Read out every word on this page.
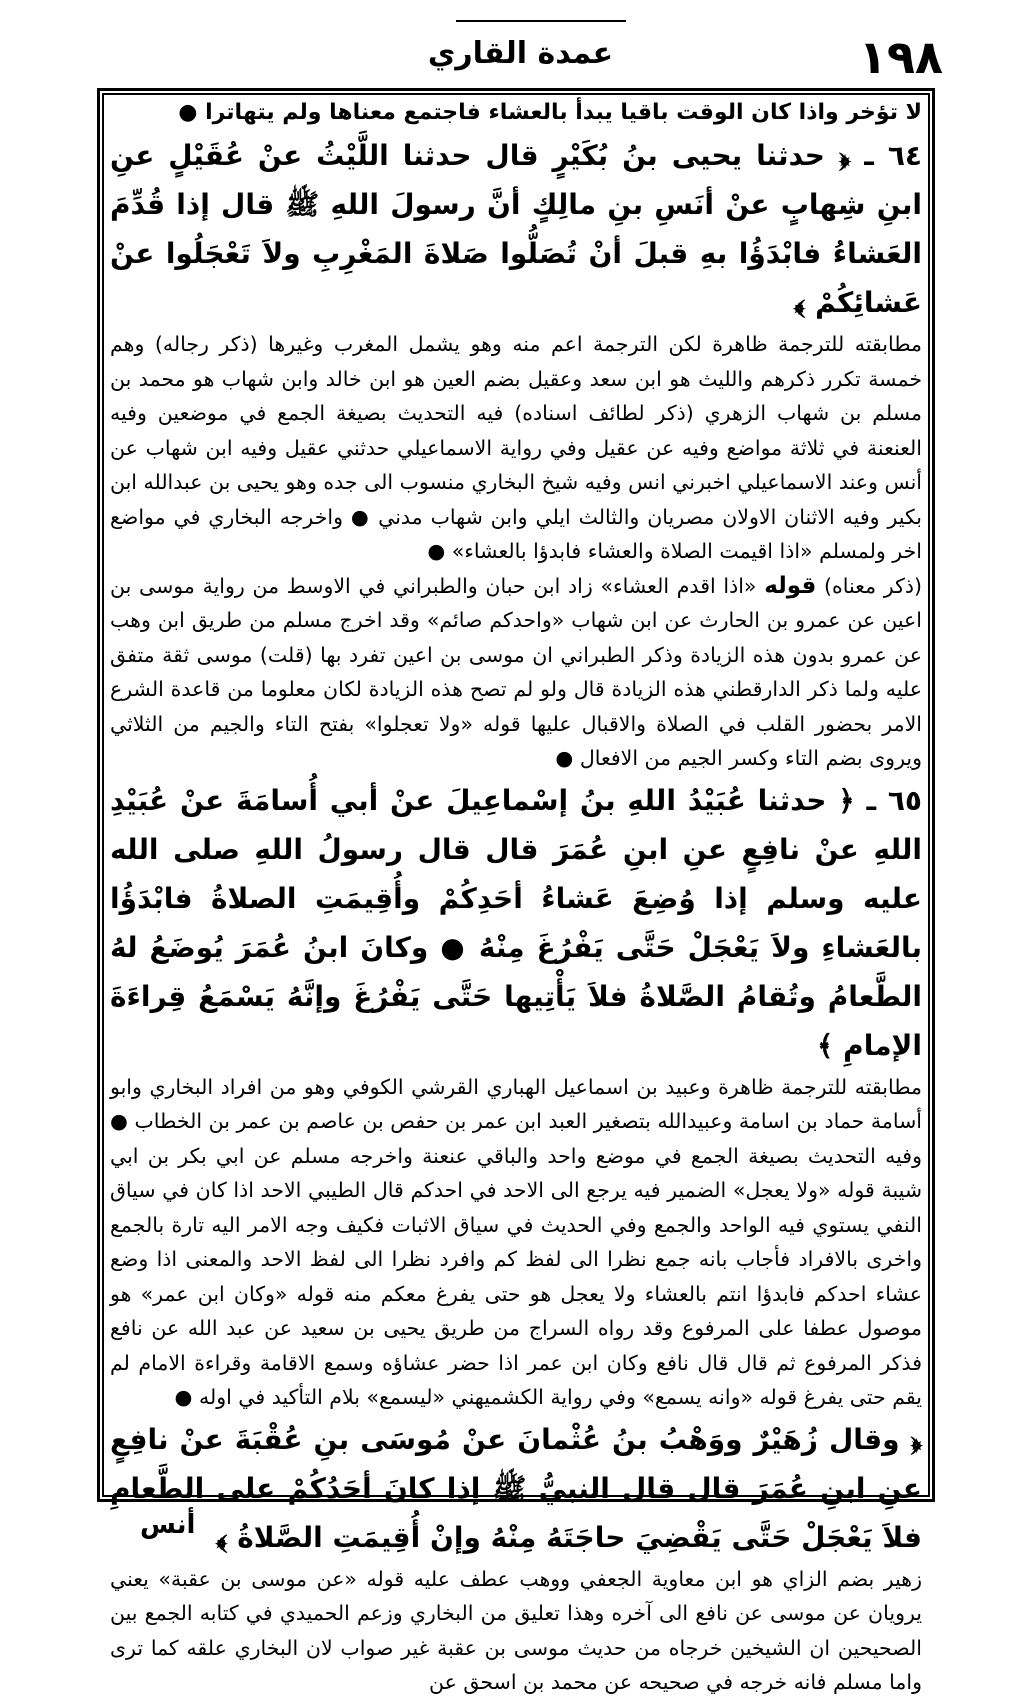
عمدة القاري	١٩٨

لا تؤخر واذا كان الوقت باقيا يبدأ بالعشاء فاجتمع معناها ولم يتهاترا ●

٦٤ ـ ﴿ حدثنا يحيى بنُ بُكَيْرٍ قال حدثنا اللَّيْثُ عنْ عُقَيْلٍ عنِ ابنِ شِهابٍ عنْ أنَسِ بنِ مالِكٍ أنَّ رسولَ اللهِ ﷺ قال إذا قُدِّمَ العَشاءُ فابْدَؤُا بهِ قبلَ أنْ تُصَلُّوا صَلاةَ المَغْرِبِ ولاَ تَعْجَلُوا عنْ عَشائِكُمْ ﴾

مطابقته للترجمة ظاهرة لكن الترجمة اعم منه وهو يشمل المغرب وغيرها (ذكر رجاله) وهم خمسة تكرر ذكرهم والليث هو ابن سعد وعقيل بضم العين هو ابن خالد وابن شهاب هو محمد بن مسلم بن شهاب الزهري (ذكر لطائف اسناده) فيه التحديث بصيغة الجمع في موضعين وفيه العنعنة في ثلاثة مواضع وفيه عن عقيل وفي رواية الاسماعيلي حدثني عقيل وفيه ابن شهاب عن أنس وعند الاسماعيلي اخبرني انس وفيه شيخ البخاري منسوب الى جده وهو يحيى بن عبدالله ابن بكير وفيه الاثنان الاولان مصريان والثالث ايلي وابن شهاب مدني ● واخرجه البخاري في مواضع اخر ولمسلم «اذا اقيمت الصلاة والعشاء فابدؤا بالعشاء» ●

(ذكر معناه) قوله «اذا اقدم العشاء» زاد ابن حبان والطبراني في الاوسط من رواية موسى بن اعين عن عمرو بن الحارث عن ابن شهاب «واحدكم صائم» وقد اخرج مسلم من طريق ابن وهب عن عمرو بدون هذه الزيادة وذكر الطبراني ان موسى بن اعين تفرد بها (قلت) موسى ثقة متفق عليه ولما ذكر الدارقطني هذه الزيادة قال ولو لم تصح هذه الزيادة لكان معلوما من قاعدة الشرع الامر بحضور القلب في الصلاة والاقبال عليها قوله «ولا تعجلوا» بفتح التاء والجيم من الثلاثي ويروى بضم التاء وكسر الجيم من الافعال ●

٦٥ ـ ﴿ حدثنا عُبَيْدُ اللهِ بنُ إسْماعِيلَ عنْ أبي أُسامَةَ عنْ عُبَيْدِ اللهِ عنْ نافِعٍ عنِ ابنِ عُمَرَ قال قال رسولُ اللهِ صلى الله عليه وسلم إذا وُضِعَ عَشاءُ أحَدِكُمْ وأُقِيمَتِ الصلاةُ فابْدَؤُا بالعَشاءِ ولاَ يَعْجَلْ حَتَّى يَفْرُغَ مِنْهُ ● وكانَ ابنُ عُمَرَ يُوضَعُ لهُ الطَّعامُ وتُقامُ الصَّلاةُ فلاَ يَأْتِيها حَتَّى يَفْرُغَ وإنَّهُ يَسْمَعُ قِراءَةَ الإمامِ ﴾

مطابقته للترجمة ظاهرة وعبيد بن اسماعيل الهباري القرشي الكوفي وهو من افراد البخاري وابو أسامة حماد بن اسامة وعبيدالله بتصغير العبد ابن عمر بن حفص بن عاصم بن عمر بن الخطاب ● وفيه التحديث بصيغة الجمع في موضع واحد والباقي عنعنة واخرجه مسلم عن ابي بكر بن ابي شيبة قوله «ولا يعجل» الضمير فيه يرجع الى الاحد في احدكم قال الطيبي الاحد اذا كان في سياق النفي يستوي فيه الواحد والجمع وفي الحديث في سياق الاثبات فكيف وجه الامر اليه تارة بالجمع واخرى بالافراد فأجاب بانه جمع نظرا الى لفظ كم وافرد نظرا الى لفظ الاحد والمعنى اذا وضع عشاء احدكم فابدؤا انتم بالعشاء ولا يعجل هو حتى يفرغ معكم منه قوله «وكان ابن عمر» هو موصول عطفا على المرفوع وقد رواه السراج من طريق يحيى بن سعيد عن عبد الله عن نافع فذكر المرفوع ثم قال قال نافع وكان ابن عمر اذا حضر عشاؤه وسمع الاقامة وقراءة الامام لم يقم حتى يفرغ قوله «وانه يسمع» وفي رواية الكشميهني «ليسمع» بلام التأكيد في اوله ●

﴿ وقال زُهَيْرٌ ووَهْبُ بنُ عُثْمانَ عنْ مُوسَى بنِ عُقْبَةَ عنْ نافِعٍ عنِ ابنِ عُمَرَ قال قال النبيُّ ﷺ إذا كانَ أحَدُكُمْ على الطَّعامِ فلاَ يَعْجَلْ حَتَّى يَقْضِيَ حاجَتَهُ مِنْهُ وإنْ أُقِيمَتِ الصَّلاةُ ﴾

زهير بضم الزاي هو ابن معاوية الجعفي ووهب عطف عليه قوله «عن موسى بن عقبة» يعني يرويان عن موسى عن نافع الى آخره وهذا تعليق من البخاري وزعم الحميدي في كتابه الجمع بين الصحيحين ان الشيخين خرجاه من حديث موسى بن عقبة غير صواب لان البخاري علقه كما ترى واما مسلم فانه خرجه في صحيحه عن محمد بن اسحق عن

أنس
